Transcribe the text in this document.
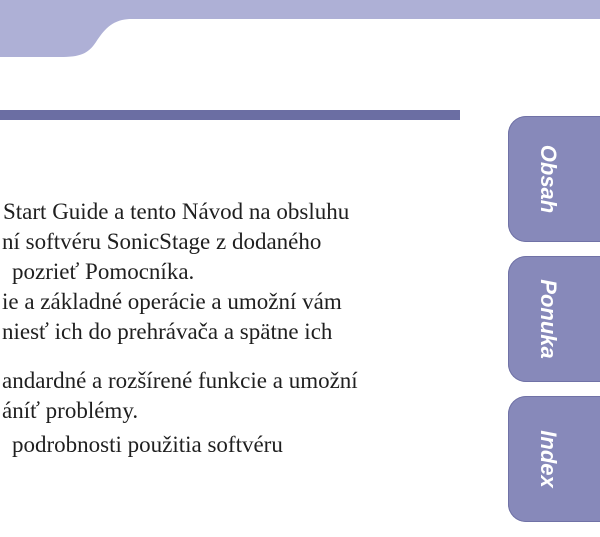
Start Guide a tento Návod na obsluhu

ní softvéru SonicStage z dodaného

pozrieť Pomocníka.

ie a základné operácie a umožní vám

niesť ich do prehrávača a spätne ich

andardné a rozšírené funkcie a umožní

áníť problémy.

podrobnosti použitia softvéru

Obsah
Ponuka
Index
